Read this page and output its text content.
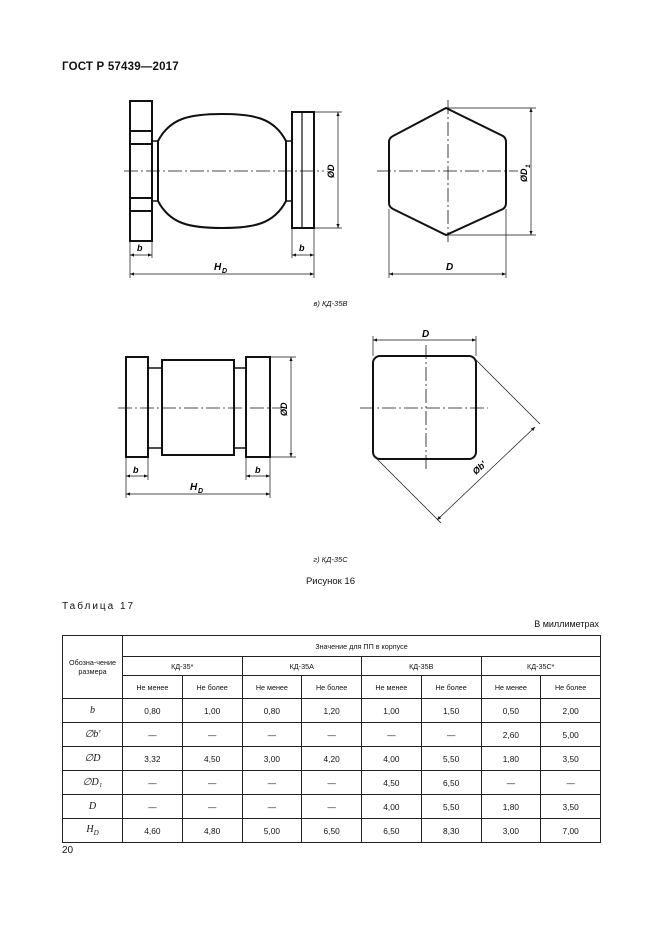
ГОСТ Р 57439—2017
b	b
H D
ØD	ØD
1
D
b	b
H D
ØD
D
Øb'
в) КД-35В
г) КД-35С
Рисунок 16
Таблица 17
В миллиметрах
Обозна-чение размера	Значение для ПП в корпусе							
	КД-35*		КД-35А		КД-35В		КД-35С*	
	Не менее	Не более	Не менее	Не более	Не менее	Не более	Не менее	Не более
b	0,80	1,00	0,80	1,20	1,00	1,50	0,50	2,00
∅b'	—	—	—	—	—	—	2,60	5,00
∅D	3,32	4,50	3,00	4,20	4,00	5,50	1,80	3,50
∅D₁	—	—	—	—	4,50	6,50	—	—
D	—	—	—	—	4,00	5,50	1,80	3,50
$H_D$	4,60	4,80	5,00	6,50	6,50	8,30	3,00	7,00
20
